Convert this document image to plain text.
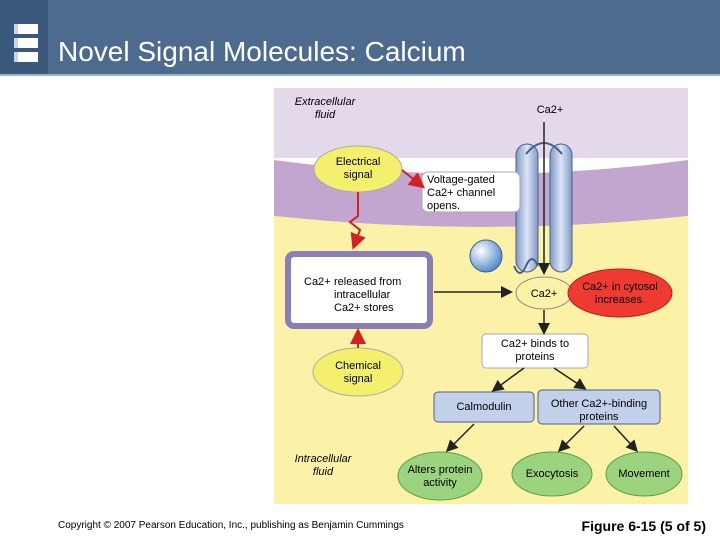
Novel Signal Molecules: Calcium
Extracellular
fluid	Ca2+
Electrical
signal	Voltage-gated
Ca2+ channel
opens.
Ca2+ released from
intracellular
Ca2+ stores
Ca2+
Ca2+ in cytosol
increases.
Ca2+ binds to
proteins
Chemical
signal
Calmodulin	Other Ca2+-binding
proteins
Intracellular
fluid	Alters protein
activity
Exocytosis	Movement
Copyright © 2007 Pearson Education, Inc., publishing as Benjamin Cummings	Figure 6-15 (5 of 5)
